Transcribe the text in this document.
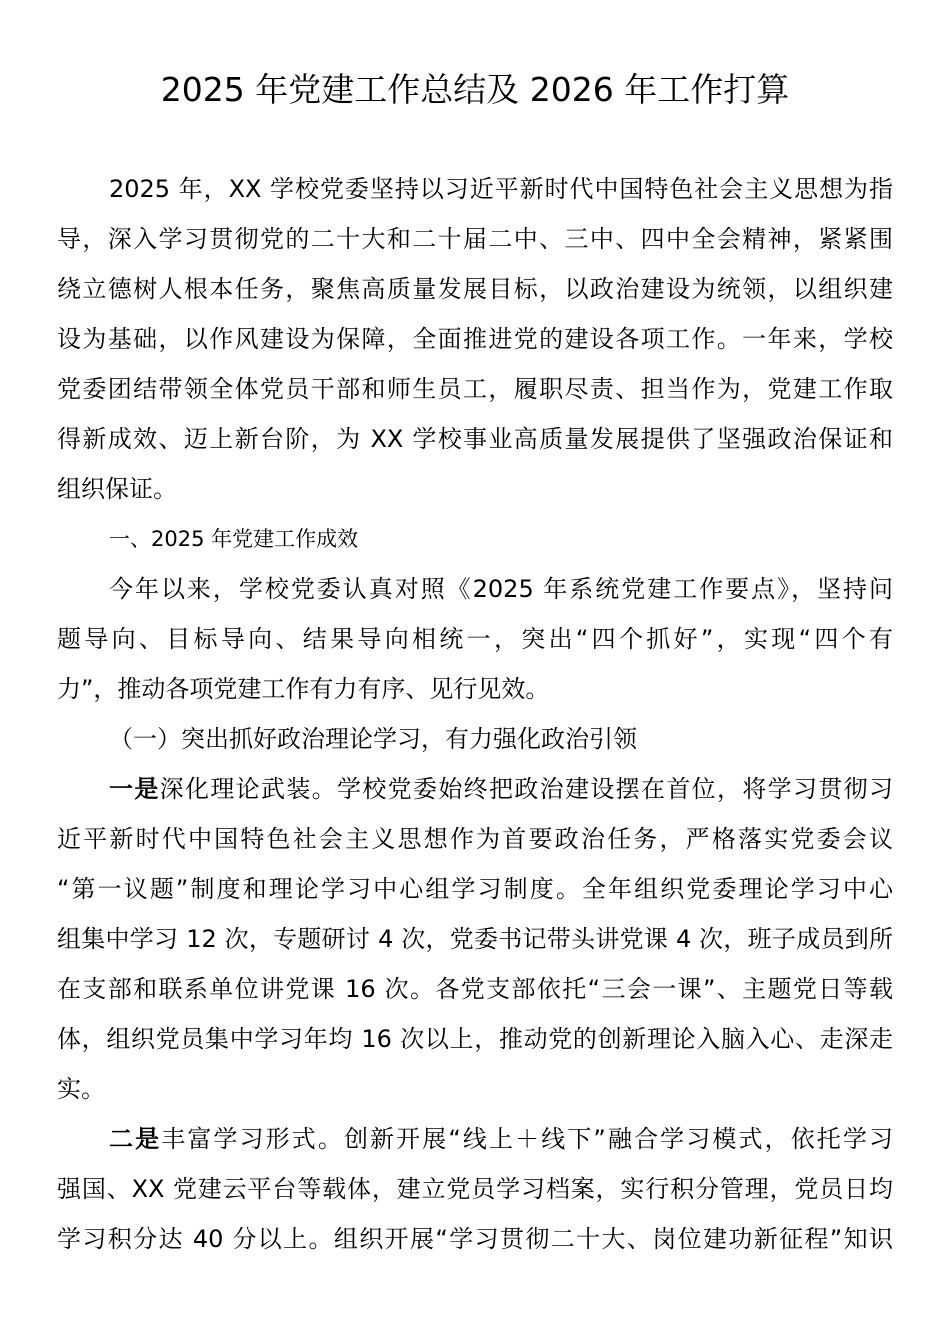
2025 年党建工作总结及 2026 年工作打算
2025 年，XX 学校党委坚持以习近平新时代中国特色社会主义思想为指
导，深入学习贯彻党的二十大和二十届二中、三中、四中全会精神，紧紧围
绕立德树人根本任务，聚焦高质量发展目标，以政治建设为统领，以组织建
设为基础，以作风建设为保障，全面推进党的建设各项工作。一年来，学校
党委团结带领全体党员干部和师生员工，履职尽责、担当作为，党建工作取
得新成效、迈上新台阶，为 XX 学校事业高质量发展提供了坚强政治保证和
组织保证。
一、2025 年党建工作成效
今年以来，学校党委认真对照《2025 年系统党建工作要点》，坚持问
题导向、目标导向、结果导向相统一，突出“四个抓好”，实现“四个有
力”，推动各项党建工作有力有序、见行见效。
（一）突出抓好政治理论学习，有力强化政治引领
一是深化理论武装。学校党委始终把政治建设摆在首位，将学习贯彻习
近平新时代中国特色社会主义思想作为首要政治任务，严格落实党委会议
“第一议题”制度和理论学习中心组学习制度。全年组织党委理论学习中心
组集中学习 12 次，专题研讨 4 次，党委书记带头讲党课 4 次，班子成员到所
在支部和联系单位讲党课 16 次。各党支部依托“三会一课”、主题党日等载
体，组织党员集中学习年均 16 次以上，推动党的创新理论入脑入心、走深走
实。
二是丰富学习形式。创新开展“线上＋线下”融合学习模式，依托学习
强国、XX 党建云平台等载体，建立党员学习档案，实行积分管理，党员日均
学习积分达 40 分以上。组织开展“学习贯彻二十大、岗位建功新征程”知识
